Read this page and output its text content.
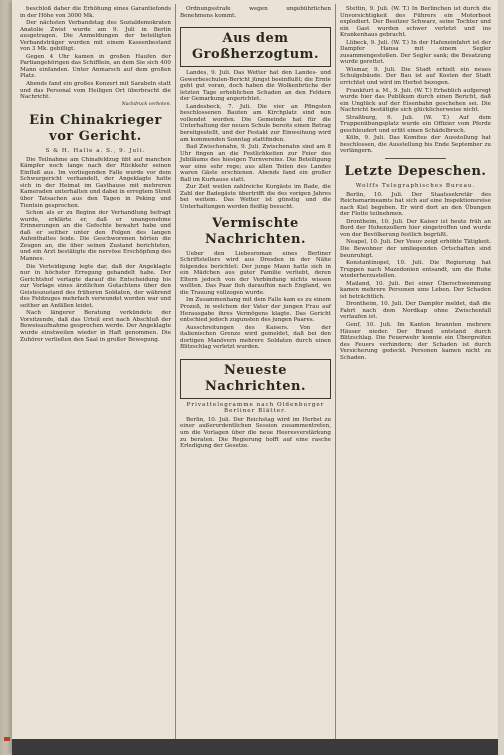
beschloß daher die Erhöhung eines Garantiefonds in der Höhe von 3000 Mk.

Der nächsten Verbandstag des Sozialdemokraten Anatolie Zwist wurde am 9. Juli in Berlin ausgetragen. Die Anmeldungen der beteiligten Verbandsträger wurden mit einem Kassenbestand von 3 Mk. gebilligt.

Gegen 4 Uhr kamen in großen Haufen der Partiangehörigen das Schifflein, an dem Sie sich 400 Mann einfanden. Unter Anmarsch auf dem großen Platz.

Abends fand ein großes Konzert mit Sarabeln statt und das Personal vom Heiligen Ort überbracht die Nachricht.

Nachdruck verboten.
Ein Chinakrieger vor Gericht.
S & H. Halle a. S., 9. Juli.

Die Teilnahme am Chinafeldzug übt auf manchen Kämpfer noch lange nach der Rückkehr seinen Einfluß aus. Im vorliegenden Falle wurde vor dem Schwurgericht verhandelt, der Angeklagte hatte sich in der Heimat im Gasthause mit mehreren Kameraden unterhalten und dabei in erregtem Streit über Tatsachen aus den Tagen in Peking und Tientsin gesprochen.

Schon als er zu Beginn der Verhandlung befragt wurde, erklärte er, daß er unangenehme Erinnerungen an die Gefechte bewahrt habe und daß er seither unter den Folgen des langen Aufenthaltes leide. Die Geschworenen hörten die Zeugen an, die über seinen Zustand berichteten, und ein Arzt bestätigte die nervöse Erschöpfung des Mannes.

Die Verteidigung legte dar, daß der Angeklagte nur in höchster Erregung gehandelt habe. Der Gerichtshof vertagte darauf die Entscheidung bis zur Vorlage eines ärztlichen Gutachtens über den Geisteszustand des früheren Soldaten, der während des Feldzuges mehrfach verwundet worden war und seither an Anfällen leidet.

Nach längerer Beratung verkündete der Vorsitzende, daß das Urteil erst nach Abschluß der Beweisaufnahme gesprochen werde. Der Angeklagte wurde einstweilen wieder in Haft genommen. Die Zuhörer verließen den Saal in großer Bewegung.

Ordnungsstrafe wegen ungebührlichen Benehmens kommt.

Aus dem Großherzogtum.

Landes, 9. Juli. Das Wetter hat den Landes- und Gewerbeschulen-Bericht jüngst beeinflußt; die Ernte geht gut voran, doch haben die Wolkenbrüche der letzten Tage erheblichen Schaden an den Feldern der Gemarkung angerichtet.

Landesbeck, 7. Juli. Die vier an Pfingsten beschlossenen Bauten am Kirchplatz sind nun vollendet worden. Die Gemeinde hat für die Unterhaltung der neuen Schule bereits einen Betrag bereitgestellt, und der Festakt zur Einweihung wird am kommenden Sonntag stattfinden.

Bad Zwischenahn, 9. Juli. Zwischenahn sind am 8 Uhr fingen an die Festlichkeiten zur Feier des Jubiläums des hiesigen Turnvereins. Die Beteiligung war eine sehr rege; aus allen Teilen des Landes waren Gäste erschienen. Abends fand ein großer Ball im Kurhause statt.

Zur Zeit weilen zahlreiche Kurgäste im Bade, die Zahl der Badegäste übertrifft die des vorigen Jahres bei weitem. Das Wetter ist günstig und die Unterhaltungen werden fleißig besucht.

Vermischte Nachrichten.

Ueber den Liebesroman eines Berliner Schriftstellers wird aus Dresden in der Nähe folgendes berichtet: Der junge Mann hatte sich in ein Mädchen aus guter Familie verliebt, deren Eltern jedoch von der Verbindung nichts wissen wollten. Das Paar floh daraufhin nach England, wo die Trauung vollzogen wurde.

Im Zusammenhang mit dem Falle kam es zu einem Prozeß, in welchem der Vater der jungen Frau auf Herausgabe ihres Vermögens klagte. Das Gericht entschied jedoch zugunsten des jungen Paares.

Ausschreitungen des Kaisers. Von der italienischen Grenze wird gemeldet, daß bei den dortigen Manövern mehrere Soldaten durch einen Blitzschlag verletzt wurden.

Neueste Nachrichten.
Privattelegramme nach Oldenburger Berliner Blätter.

Berlin, 10. Juli. Der Reichstag wird im Herbst zu einer außerordentlichen Session zusammentreten, um die Vorlagen über die neue Heeresverstärkung zu beraten. Die Regierung hofft auf eine rasche Erledigung der Gesetze.

Stettin, 9. Juli. (W. T.) In Berlinchen ist durch die Unvorsichtigkeit des Führers ein Motorboot explodiert. Der Besitzer Schwarz, seine Tochter und ein Gast wurden schwer verletzt und ins Krankenhaus gebracht.

Lübeck, 9. Juli. (W. T.) In der Hafeneinfahrt ist der Dampfer Hansa mit einem Segler zusammengestoßen. Der Segler sank; die Besatzung wurde gerettet.

Wismar, 9. Juli. Die Stadt erhielt ein neues Schulgebäude. Der Bau ist auf Kosten der Stadt errichtet und wird im Herbst bezogen.

Frankfurt a. M., 9. Juli. (W. T.) Erheblich aufgeregt wurde hier das Publikum durch einen Bericht, daß ein Unglück auf der Eisenbahn geschehen sei. Die Nachricht bestätigte sich glücklicherweise nicht.

Straßburg, 9. Juli. (W. T.) Auf dem Truppenübungsplatz wurde ein Offizier vom Pferde geschleudert und erlitt einen Schädelbruch.

Köln, 9. Juli. Das Komitee der Ausstellung hat beschlossen, die Ausstellung bis Ende September zu verlängern.

Letzte Depeschen.
Wolffs Telegraphisches Bureau.

Berlin, 10. Juli. Der Staatssekretär des Reichsmarineamts hat sich auf eine Inspektionsreise nach Kiel begeben. Er wird dort an den Übungen der Flotte teilnehmen.

Drontheim, 10. Juli. Der Kaiser ist heute früh an Bord der Hohenzollern hier eingetroffen und wurde von der Bevölkerung festlich begrüßt.

Neapel, 10. Juli. Der Vesuv zeigt erhöhte Tätigkeit. Die Bewohner der umliegenden Ortschaften sind beunruhigt.

Konstantinopel, 10. Juli. Die Regierung hat Truppen nach Mazedonien entsandt, um die Ruhe wiederherzustellen.

Mailand, 10. Juli. Bei einer Überschwemmung kamen mehrere Personen ums Leben. Der Schaden ist beträchtlich.

Drontheim, 10. Juli. Der Dampfer meldet, daß die Fahrt nach dem Nordkap ohne Zwischenfall verlaufen ist.

Genf, 10. Juli. Im Kanton brannten mehrere Häuser nieder. Der Brand entstand durch Blitzschlag. Die Feuerwehr konnte ein Übergreifen des Feuers verhindern; der Schaden ist durch Versicherung gedeckt. Personen kamen nicht zu Schaden.
